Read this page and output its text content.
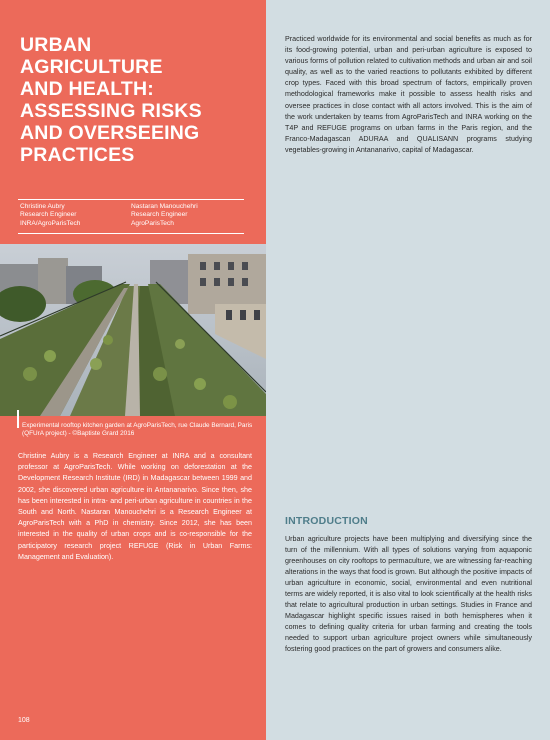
URBAN
AGRICULTURE
AND HEALTH:
ASSESSING RISKS
AND OVERSEEING
PRACTICES
Christine Aubry
Research Engineer
INRA/AgroParisTech
Nastaran Manouchehri
Research Engineer
AgroParisTech

Experimental rooftop kitchen garden at AgroParisTech, rue Claude Bernard, Paris (QFUrA project) - ©Baptiste Grard 2016

Christine Aubry is a Research Engineer at INRA and a consultant professor at AgroParisTech. While working on deforestation at the Development Research Institute (IRD) in Madagascar between 1999 and 2002, she discovered urban agriculture in Antananarivo. Since then, she has been interested in intra- and peri-urban agriculture in countries in the South and North. Nastaran Manouchehri is a Research Engineer at AgroParisTech with a PhD in chemistry. Since 2012, she has been interested in the quality of urban crops and is co-responsible for the participatory research project REFUGE (Risk in Urban Farms: Management and Evaluation).

108

Practiced worldwide for its environmental and social benefits as much as for its food-growing potential, urban and peri-urban agriculture is exposed to various forms of pollution related to cultivation methods and urban air and soil quality, as well as to the varied reactions to pollutants exhibited by different crop types. Faced with this broad spectrum of factors, empirically proven methodological frameworks make it possible to assess health risks and oversee practices in close contact with all actors involved. This is the aim of the work undertaken by teams from AgroParisTech and INRA working on the T4P and REFUGE programs on urban farms in the Paris region, and the Franco-Madagascan ADURAA and QUALISANN programs studying vegetables-growing in Antananarivo, capital of Madagascar.

INTRODUCTION

Urban agriculture projects have been multiplying and diversifying since the turn of the millennium. With all types of solutions varying from aquaponic greenhouses on city rooftops to permaculture, we are witnessing far-reaching alterations in the ways that food is grown. But although the positive impacts of urban agriculture in economic, social, environmental and even nutritional terms are widely reported, it is also vital to look scientifically at the health risks that relate to agricultural production in urban settings. Studies in France and Madagascar highlight specific issues raised in both hemispheres when it comes to defining quality criteria for urban farming and creating the tools needed to support urban agriculture project owners while simultaneously fostering good practices on the part of growers and consumers alike.
